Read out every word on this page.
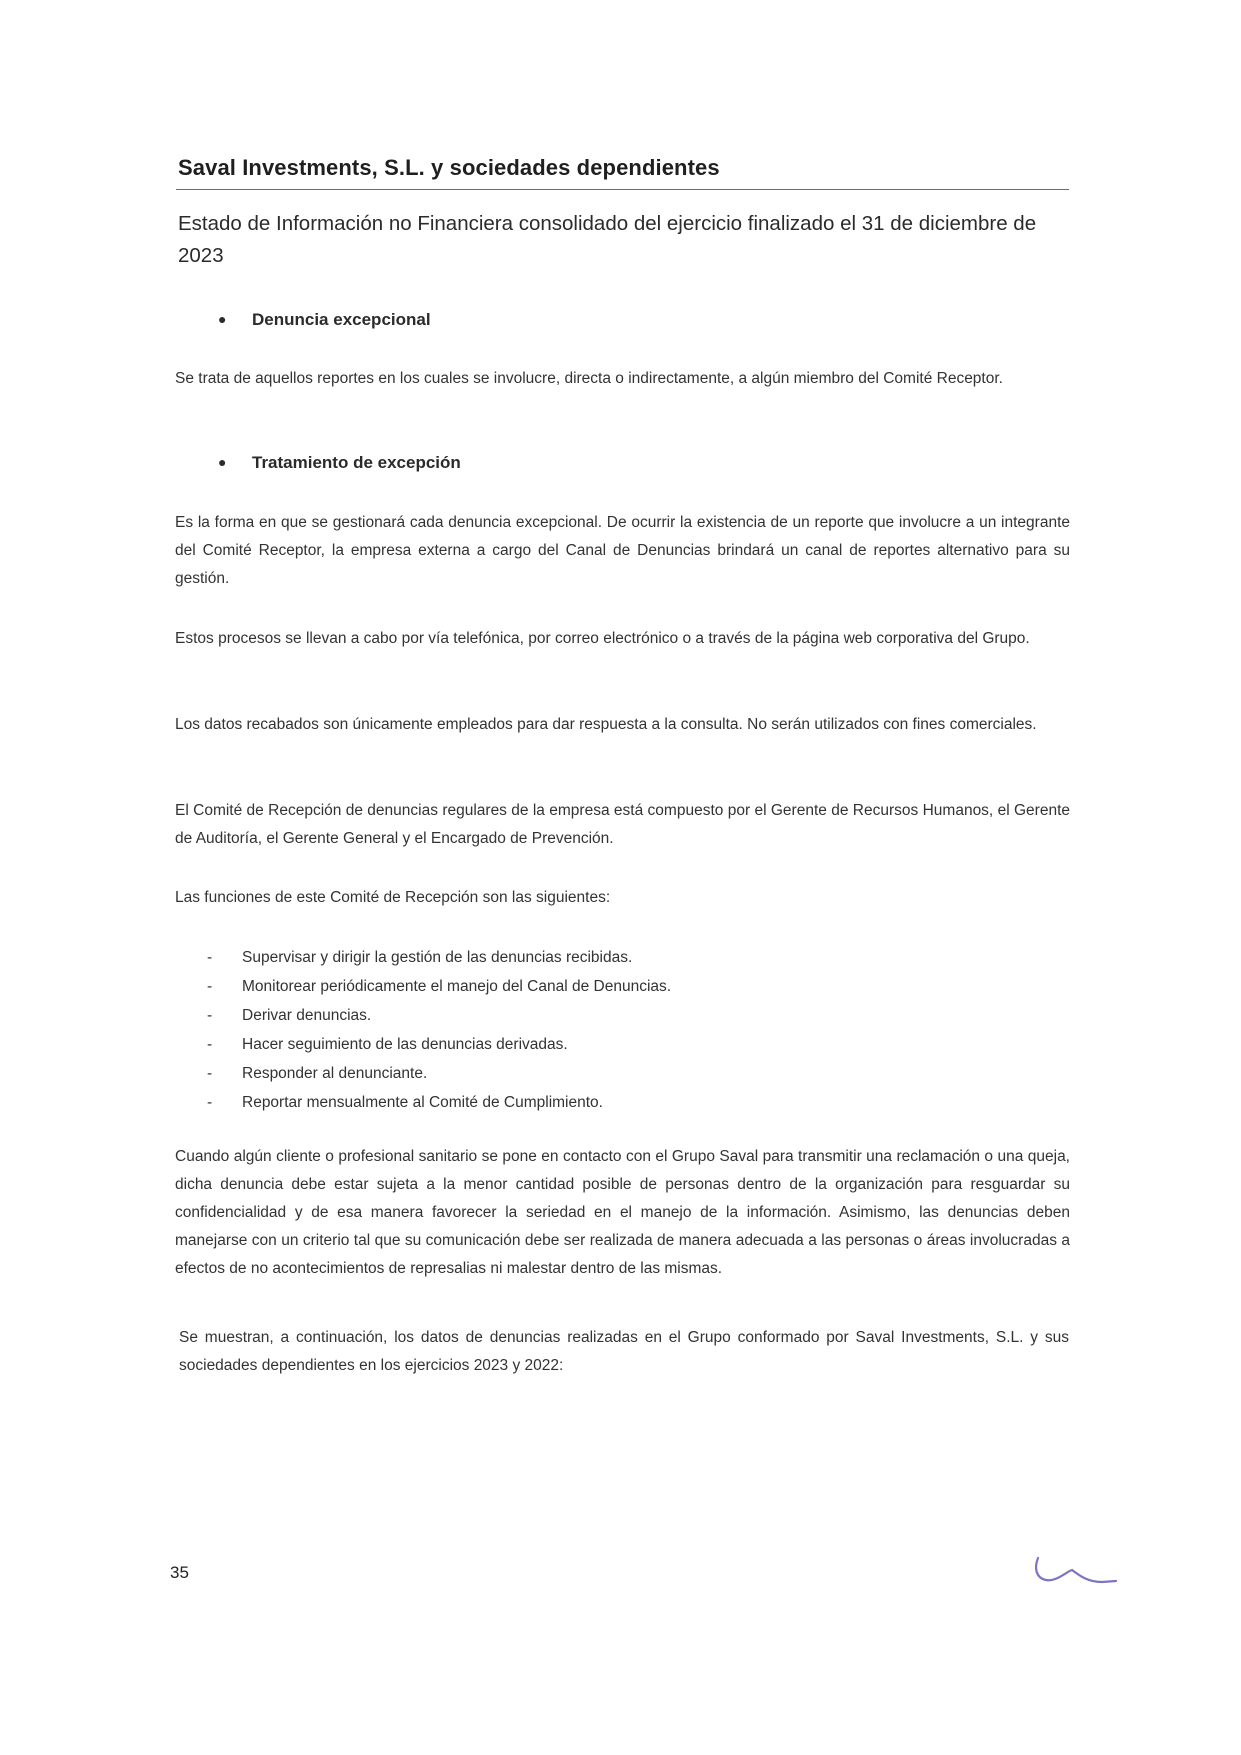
Saval Investments, S.L. y sociedades dependientes
Estado de Información no Financiera consolidado del ejercicio finalizado el 31 de diciembre de 2023
● Denuncia excepcional
Se trata de aquellos reportes en los cuales se involucre, directa o indirectamente, a algún miembro del Comité Receptor.
● Tratamiento de excepción
Es la forma en que se gestionará cada denuncia excepcional. De ocurrir la existencia de un reporte que involucre a un integrante del Comité Receptor, la empresa externa a cargo del Canal de Denuncias brindará un canal de reportes alternativo para su gestión.
Estos procesos se llevan a cabo por vía telefónica, por correo electrónico o a través de la página web corporativa del Grupo.
Los datos recabados son únicamente empleados para dar respuesta a la consulta. No serán utilizados con fines comerciales.
El Comité de Recepción de denuncias regulares de la empresa está compuesto por el Gerente de Recursos Humanos, el Gerente de Auditoría, el Gerente General y el Encargado de Prevención.
Las funciones de este Comité de Recepción son las siguientes:
- Supervisar y dirigir la gestión de las denuncias recibidas.
- Monitorear periódicamente el manejo del Canal de Denuncias.
- Derivar denuncias.
- Hacer seguimiento de las denuncias derivadas.
- Responder al denunciante.
- Reportar mensualmente al Comité de Cumplimiento.
Cuando algún cliente o profesional sanitario se pone en contacto con el Grupo Saval para transmitir una reclamación o una queja, dicha denuncia debe estar sujeta a la menor cantidad posible de personas dentro de la organización para resguardar su confidencialidad y de esa manera favorecer la seriedad en el manejo de la información. Asimismo, las denuncias deben manejarse con un criterio tal que su comunicación debe ser realizada de manera adecuada a las personas o áreas involucradas a efectos de no acontecimientos de represalias ni malestar dentro de las mismas.
Se muestran, a continuación, los datos de denuncias realizadas en el Grupo conformado por Saval Investments, S.L. y sus sociedades dependientes en los ejercicios 2023 y 2022:
35
